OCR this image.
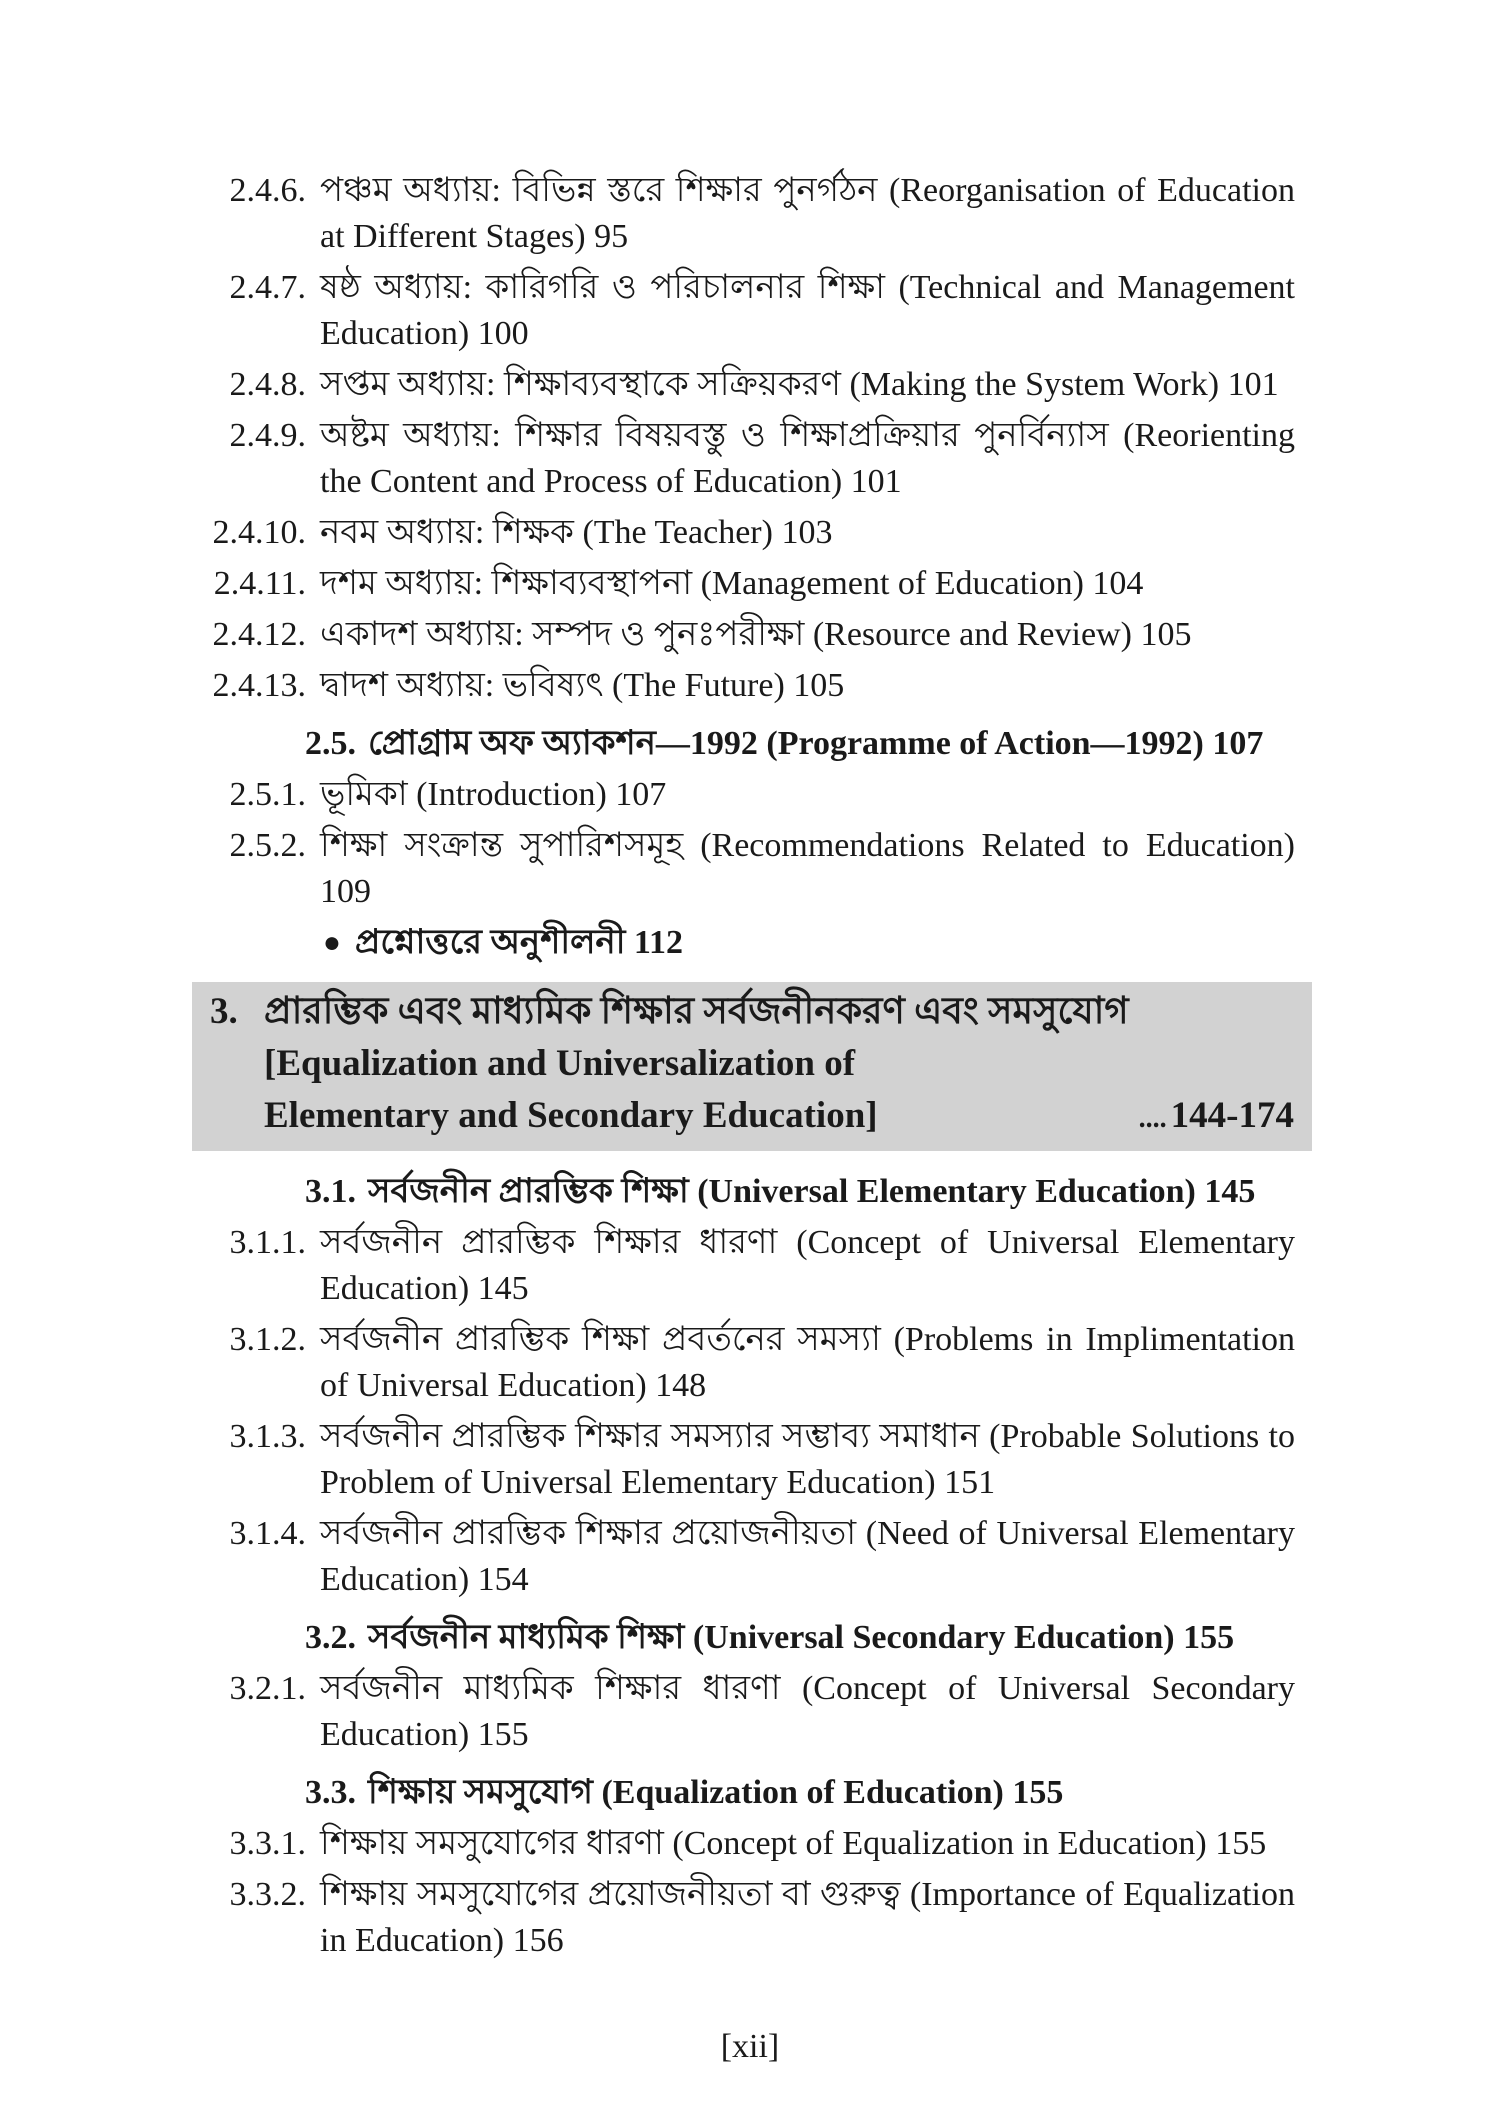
2.4.6. পঞ্চম অধ্যায়: বিভিন্ন স্তরে শিক্ষার পুনর্গঠন (Reorganisation of Education at Different Stages) 95
2.4.7. ষষ্ঠ অধ্যায়: কারিগরি ও পরিচালনার শিক্ষা (Technical and Management Education) 100
2.4.8. সপ্তম অধ্যায়: শিক্ষাব্যবস্থাকে সক্রিয়করণ (Making the System Work) 101
2.4.9. অষ্টম অধ্যায়: শিক্ষার বিষয়বস্তু ও শিক্ষাপ্রক্রিয়ার পুনর্বিন্যাস (Reorienting the Content and Process of Education) 101
2.4.10. নবম অধ্যায়: শিক্ষক (The Teacher) 103
2.4.11. দশম অধ্যায়: শিক্ষাব্যবস্থাপনা (Management of Education) 104
2.4.12. একাদশ অধ্যায়: সম্পদ ও পুনঃপরীক্ষা (Resource and Review) 105
2.4.13. দ্বাদশ অধ্যায়: ভবিষ্যৎ (The Future) 105
2.5. প্রোগ্রাম অফ অ্যাকশন—1992 (Programme of Action—1992) 107
2.5.1. ভূমিকা (Introduction) 107
2.5.2. শিক্ষা সংক্রান্ত সুপারিশসমূহ (Recommendations Related to Education) 109
● প্রশ্নোত্তরে অনুশীলনী 112
3. প্রারম্ভিক এবং মাধ্যমিক শিক্ষার সর্বজনীনকরণ এবং সমসুযোগ
[Equalization and Universalization of
Elementary and Secondary Education]	.... 144-174
3.1. সর্বজনীন প্রারম্ভিক শিক্ষা (Universal Elementary Education) 145
3.1.1. সর্বজনীন প্রারম্ভিক শিক্ষার ধারণা (Concept of Universal Elementary Education) 145
3.1.2. সর্বজনীন প্রারম্ভিক শিক্ষা প্রবর্তনের সমস্যা (Problems in Implimentation of Universal Education) 148
3.1.3. সর্বজনীন প্রারম্ভিক শিক্ষার সমস্যার সম্ভাব্য সমাধান (Probable Solutions to Problem of Universal Elementary Education) 151
3.1.4. সর্বজনীন প্রারম্ভিক শিক্ষার প্রয়োজনীয়তা (Need of Universal Elementary Education) 154
3.2. সর্বজনীন মাধ্যমিক শিক্ষা (Universal Secondary Education) 155
3.2.1. সর্বজনীন মাধ্যমিক শিক্ষার ধারণা (Concept of Universal Secondary Education) 155
3.3. শিক্ষায় সমসুযোগ (Equalization of Education) 155
3.3.1. শিক্ষায় সমসুযোগের ধারণা (Concept of Equalization in Education) 155
3.3.2. শিক্ষায় সমসুযোগের প্রয়োজনীয়তা বা গুরুত্ব (Importance of Equalization in Education) 156
[xii]
